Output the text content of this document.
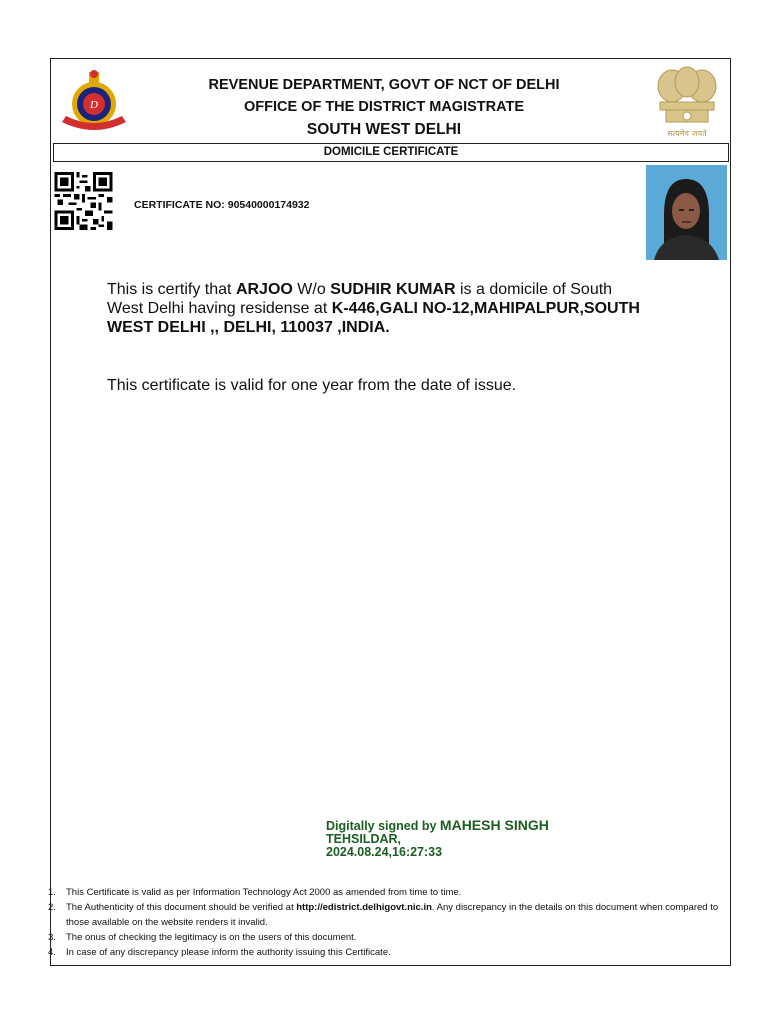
D
REVENUE DEPARTMENT, GOVT OF NCT OF DELHI
OFFICE OF THE DISTRICT MAGISTRATE
SOUTH WEST DELHI	सत्यमेव जयते
DOMICILE CERTIFICATE
CERTIFICATE NO: 90540000174932
This is certify that ARJOO W/o SUDHIR KUMAR is a domicile of South West Delhi having residense at K-446,GALI NO-12,MAHIPALPUR,SOUTH WEST DELHI ,, DELHI, 110037 ,INDIA.
This certificate is valid for one year from the date of issue.
Digitally signed by MAHESH SINGH
TEHSILDAR,
2024.08.24,16:27:33
1.	This Certificate is valid as per Information Technology Act 2000 as amended from time to time.
2.	The Authenticity of this document should be verified at http://edistrict.delhigovt.nic.in. Any discrepancy in the details on this document when compared to those available on the website renders it invalid.
3.	The onus of checking the legitimacy is on the users of this document.
4.	In case of any discrepancy please inform the authority issuing this Certificate.
